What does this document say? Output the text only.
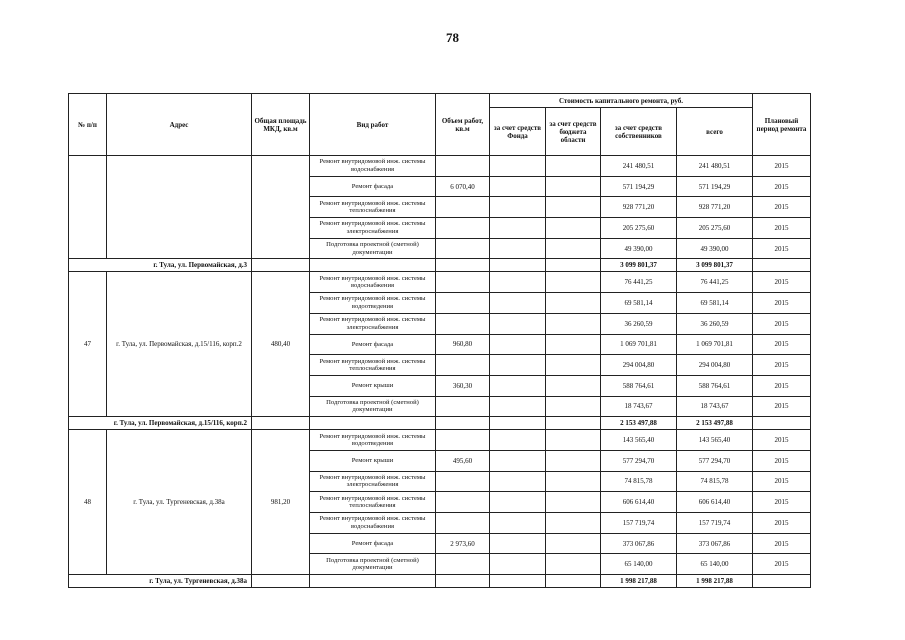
78
№ п/п	Адрес	Общая площадь МКД, кв.м	Вид работ	Объем работ, кв.м	Стоимость капитального ремонта, руб.				Плановый период ремонта
					за счет средств Фонда	за счет средств бюджета области	за счет средств собственников	всего	
			Ремонт внутридомовой инж. системы водоснабжения				241 480,51	241 480,51	2015
			Ремонт фасада	6 070,40			571 194,29	571 194,29	2015
			Ремонт внутридомовой инж. системы теплоснабжения				928 771,20	928 771,20	2015
			Ремонт внутридомовой инж. системы электроснабжения				205 275,60	205 275,60	2015
			Подготовка проектной (сметной) документации				49 390,00	49 390,00	2015
г. Тула, ул. Первомайская, д.3							3 099 801,37	3 099 801,37	
47	г. Тула, ул. Первомайская, д.15/116, корп.2	480,40	Ремонт внутридомовой инж. системы водоснабжения				76 441,25	76 441,25	2015
			Ремонт внутридомовой инж. системы водоотведения				69 581,14	69 581,14	2015
			Ремонт внутридомовой инж. системы электроснабжения				36 260,59	36 260,59	2015
			Ремонт фасада	960,80			1 069 701,81	1 069 701,81	2015
			Ремонт внутридомовой инж. системы теплоснабжения				294 004,80	294 004,80	2015
			Ремонт крыши	360,30			588 764,61	588 764,61	2015
			Подготовка проектной (сметной) документации				18 743,67	18 743,67	2015
г. Тула, ул. Первомайская, д.15/116, корп.2							2 153 497,88	2 153 497,88	
48	г. Тула, ул. Тургеневская, д.38а	981,20	Ремонт внутридомовой инж. системы водоотведения				143 565,40	143 565,40	2015
			Ремонт крыши	495,60			577 294,70	577 294,70	2015
			Ремонт внутридомовой инж. системы электроснабжения				74 815,78	74 815,78	2015
			Ремонт внутридомовой инж. системы теплоснабжения				606 614,40	606 614,40	2015
			Ремонт внутридомовой инж. системы водоснабжения				157 719,74	157 719,74	2015
			Ремонт фасада	2 973,60			373 067,86	373 067,86	2015
			Подготовка проектной (сметной) документации				65 140,00	65 140,00	2015
г. Тула, ул. Тургеневская, д.38а							1 998 217,88	1 998 217,88	
